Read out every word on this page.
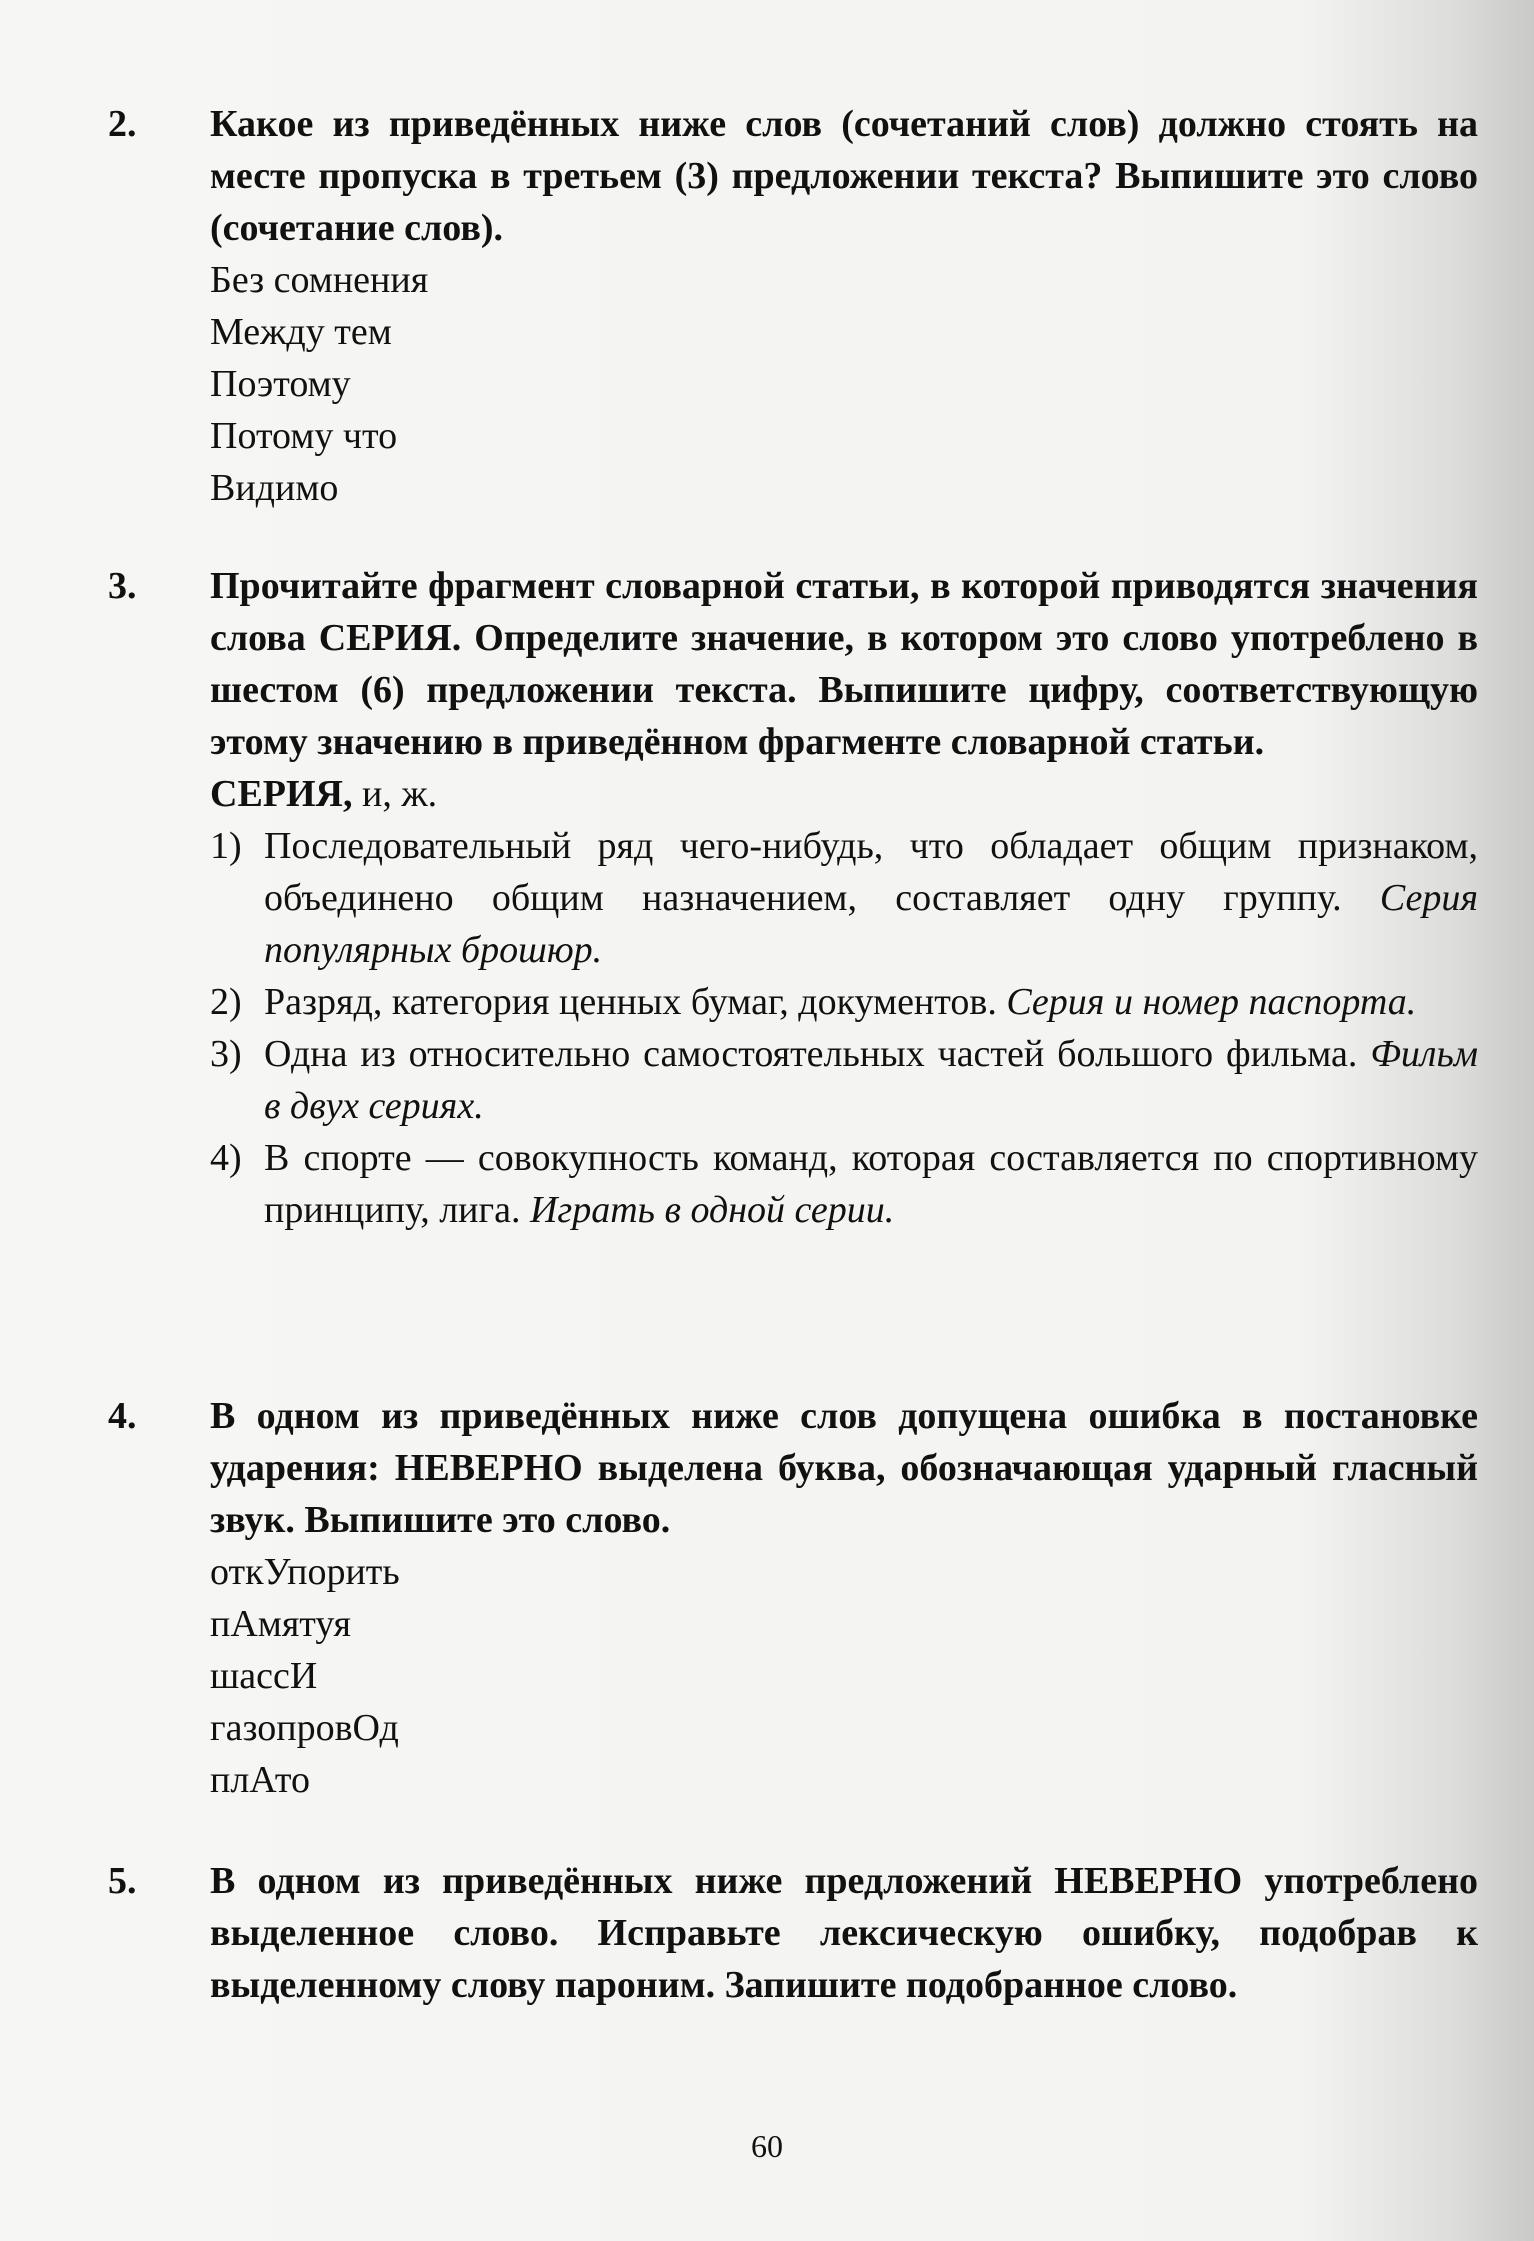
2. Какое из приведённых ниже слов (сочетаний слов) должно стоять на месте пропуска в третьем (3) предложении текста? Выпишите это слово (сочетание слов).

Без сомнения
Между тем
Поэтому
Потому что
Видимо
3. Прочитайте фрагмент словарной статьи, в которой приводятся значения слова СЕРИЯ. Определите значение, в котором это слово употреблено в шестом (6) предложении текста. Выпишите цифру, соответствующую этому значению в приведённом фрагменте словарной статьи.

СЕРИЯ, и, ж.

1) Последовательный ряд чего-нибудь, что обладает общим признаком, объединено общим назначением, составляет одну группу. Серия популярных брошюр.
2) Разряд, категория ценных бумаг, документов. Серия и номер паспорта.
3) Одна из относительно самостоятельных частей большого фильма. Фильм в двух сериях.
4) В спорте — совокупность команд, которая составляется по спортивному принципу, лига. Играть в одной серии.
4. В одном из приведённых ниже слов допущена ошибка в постановке ударения: НЕВЕРНО выделена буква, обозначающая ударный гласный звук. Выпишите это слово.

откУпорить
пАмятуя
шассИ
газопровОд
плАто
5. В одном из приведённых ниже предложений НЕВЕРНО употреблено выделенное слово. Исправьте лексическую ошибку, подобрав к выделенному слову пароним. Запишите подобранное слово.

60
